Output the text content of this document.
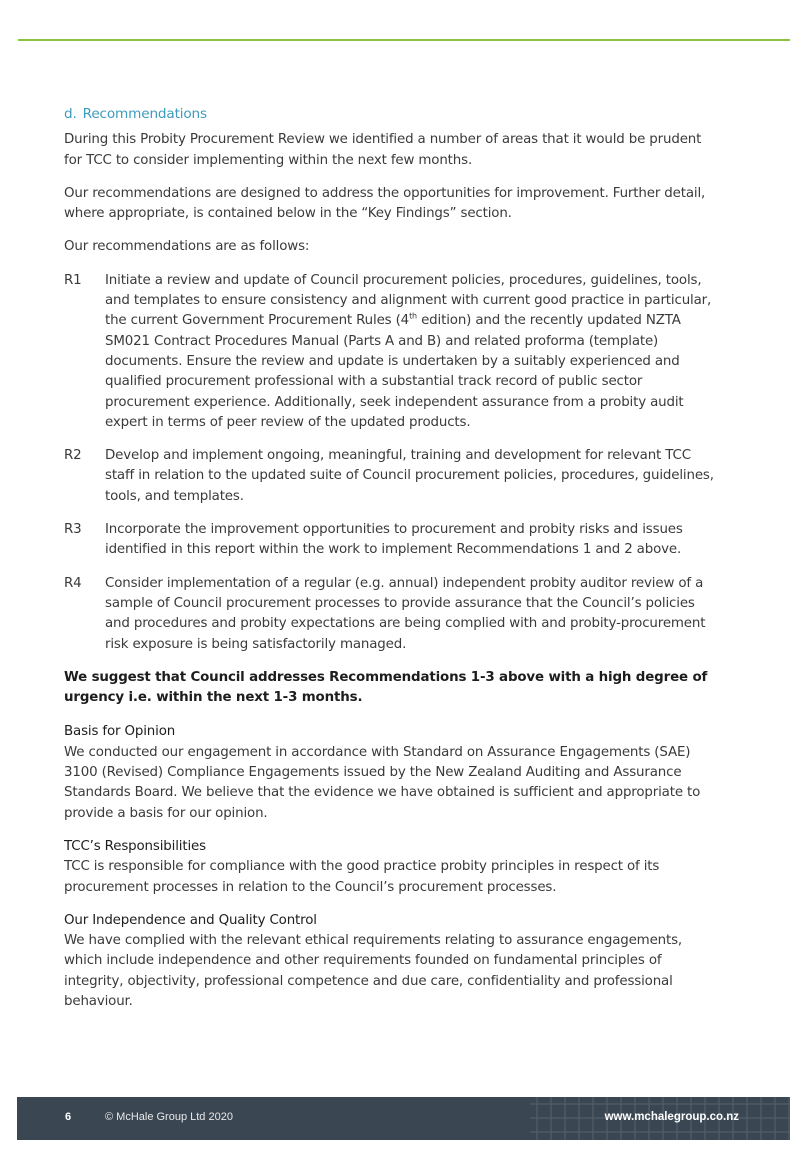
d. Recommendations

During this Probity Procurement Review we identified a number of areas that it would be prudent for TCC to consider implementing within the next few months.

Our recommendations are designed to address the opportunities for improvement. Further detail, where appropriate, is contained below in the “Key Findings” section.

Our recommendations are as follows:

R1	Initiate a review and update of Council procurement policies, procedures, guidelines, tools, and templates to ensure consistency and alignment with current good practice in particular, the current Government Procurement Rules (4th edition) and the recently updated NZTA SM021 Contract Procedures Manual (Parts A and B) and related proforma (template) documents. Ensure the review and update is undertaken by a suitably experienced and qualified procurement professional with a substantial track record of public sector procurement experience. Additionally, seek independent assurance from a probity audit expert in terms of peer review of the updated products.
R2	Develop and implement ongoing, meaningful, training and development for relevant TCC staff in relation to the updated suite of Council procurement policies, procedures, guidelines, tools, and templates.
R3	Incorporate the improvement opportunities to procurement and probity risks and issues identified in this report within the work to implement Recommendations 1 and 2 above.
R4	Consider implementation of a regular (e.g. annual) independent probity auditor review of a sample of Council procurement processes to provide assurance that the Council’s policies and procedures and probity expectations are being complied with and probity-procurement risk exposure is being satisfactorily managed.

We suggest that Council addresses Recommendations 1-3 above with a high degree of urgency i.e. within the next 1-3 months.

Basis for Opinion
We conducted our engagement in accordance with Standard on Assurance Engagements (SAE) 3100 (Revised) Compliance Engagements issued by the New Zealand Auditing and Assurance Standards Board. We believe that the evidence we have obtained is sufficient and appropriate to provide a basis for our opinion.
TCC’s Responsibilities
TCC is responsible for compliance with the good practice probity principles in respect of its procurement processes in relation to the Council’s procurement processes.
Our Independence and Quality Control
We have complied with the relevant ethical requirements relating to assurance engagements, which include independence and other requirements founded on fundamental principles of integrity, objectivity, professional competence and due care, confidentiality and professional behaviour.
6	© McHale Group Ltd 2020	www.mchalegroup.co.nz
